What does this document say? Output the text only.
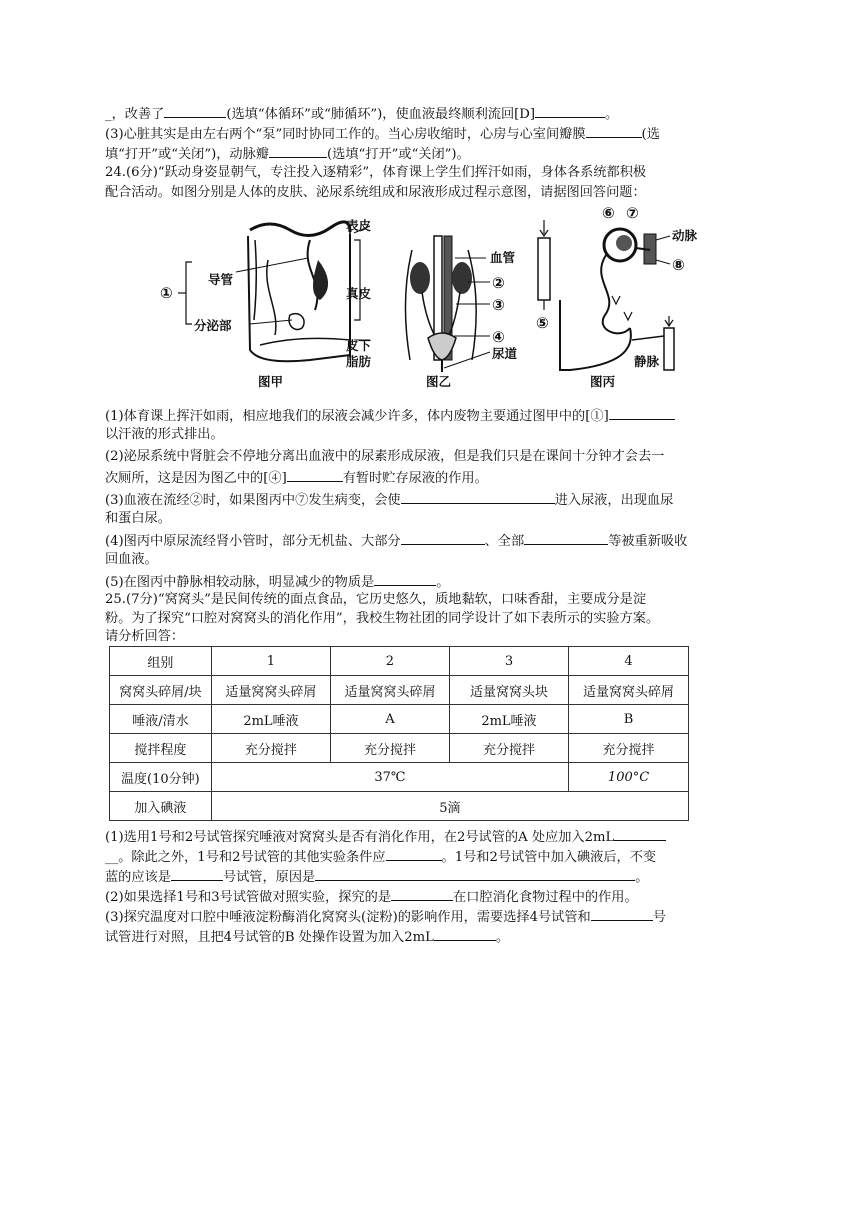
_，改善了	(选填“体循环”或“肺循环”)，使血液最终顺利流回[D]	。
(3)心脏其实是由左右两个“泵”同时协同工作的。当心房收缩时，心房与心室间瓣膜	(选
填“打开”或“关闭”)，动脉瓣	(选填“打开”或“关闭”)。
24.(6分)“跃动身姿显朝气，专注投入逐精彩”，体育课上学生们挥汗如雨，身体各系统都积极
配合活动。如图分别是人体的皮肤、泌尿系统组成和尿液形成过程示意图，请据图回答问题：
导管
分泌部
①
表皮
真皮
皮下
脂肪
图甲
血管
②
③
④
尿道
图乙
⑥ ⑦
动脉
⑧
⑤
静脉
图丙
(1)体育课上挥汗如雨，相应地我们的尿液会减少许多，体内废物主要通过图甲中的[①]
以汗液的形式排出。
(2)泌尿系统中肾脏会不停地分离出血液中的尿素形成尿液，但是我们只是在课间十分钟才会去一
次厕所，这是因为图乙中的[④]	有暂时贮存尿液的作用。
(3)血液在流经②时，如果图丙中⑦发生病变，会使	进入尿液，出现血尿
和蛋白尿。
(4)图丙中原尿流经肾小管时，部分无机盐、大部分	、全部	等被重新吸收
回血液。
(5)在图丙中静脉相较动脉，明显减少的物质是	。
25.(7分)“窝窝头”是民间传统的面点食品，它历史悠久，质地黏软，口味香甜，主要成分是淀
粉。为了探究“口腔对窝窝头的消化作用”，我校生物社团的同学设计了如下表所示的实验方案。
请分析回答：
组别	1	2	3	4
窝窝头碎屑/块	适量窝窝头碎屑	适量窝窝头碎屑	适量窝窝头块	适量窝窝头碎屑
唾液/清水	2mL唾液	A	2mL唾液	B
搅拌程度	充分搅拌	充分搅拌	充分搅拌	充分搅拌
温度(10分钟)	37℃			100°C
加入碘液	5滴			
(1)选用1号和2号试管探究唾液对窝窝头是否有消化作用，在2号试管的A 处应加入2mL
__。除此之外，1号和2号试管的其他实验条件应	。1号和2号试管中加入碘液后，不变
蓝的应该是	号试管，原因是	。
(2)如果选择1号和3号试管做对照实验，探究的是	在口腔消化食物过程中的作用。
(3)探究温度对口腔中唾液淀粉酶消化窝窝头(淀粉)的影响作用，需要选择4号试管和	号
试管进行对照，且把4号试管的B 处操作设置为加入2mL	。
